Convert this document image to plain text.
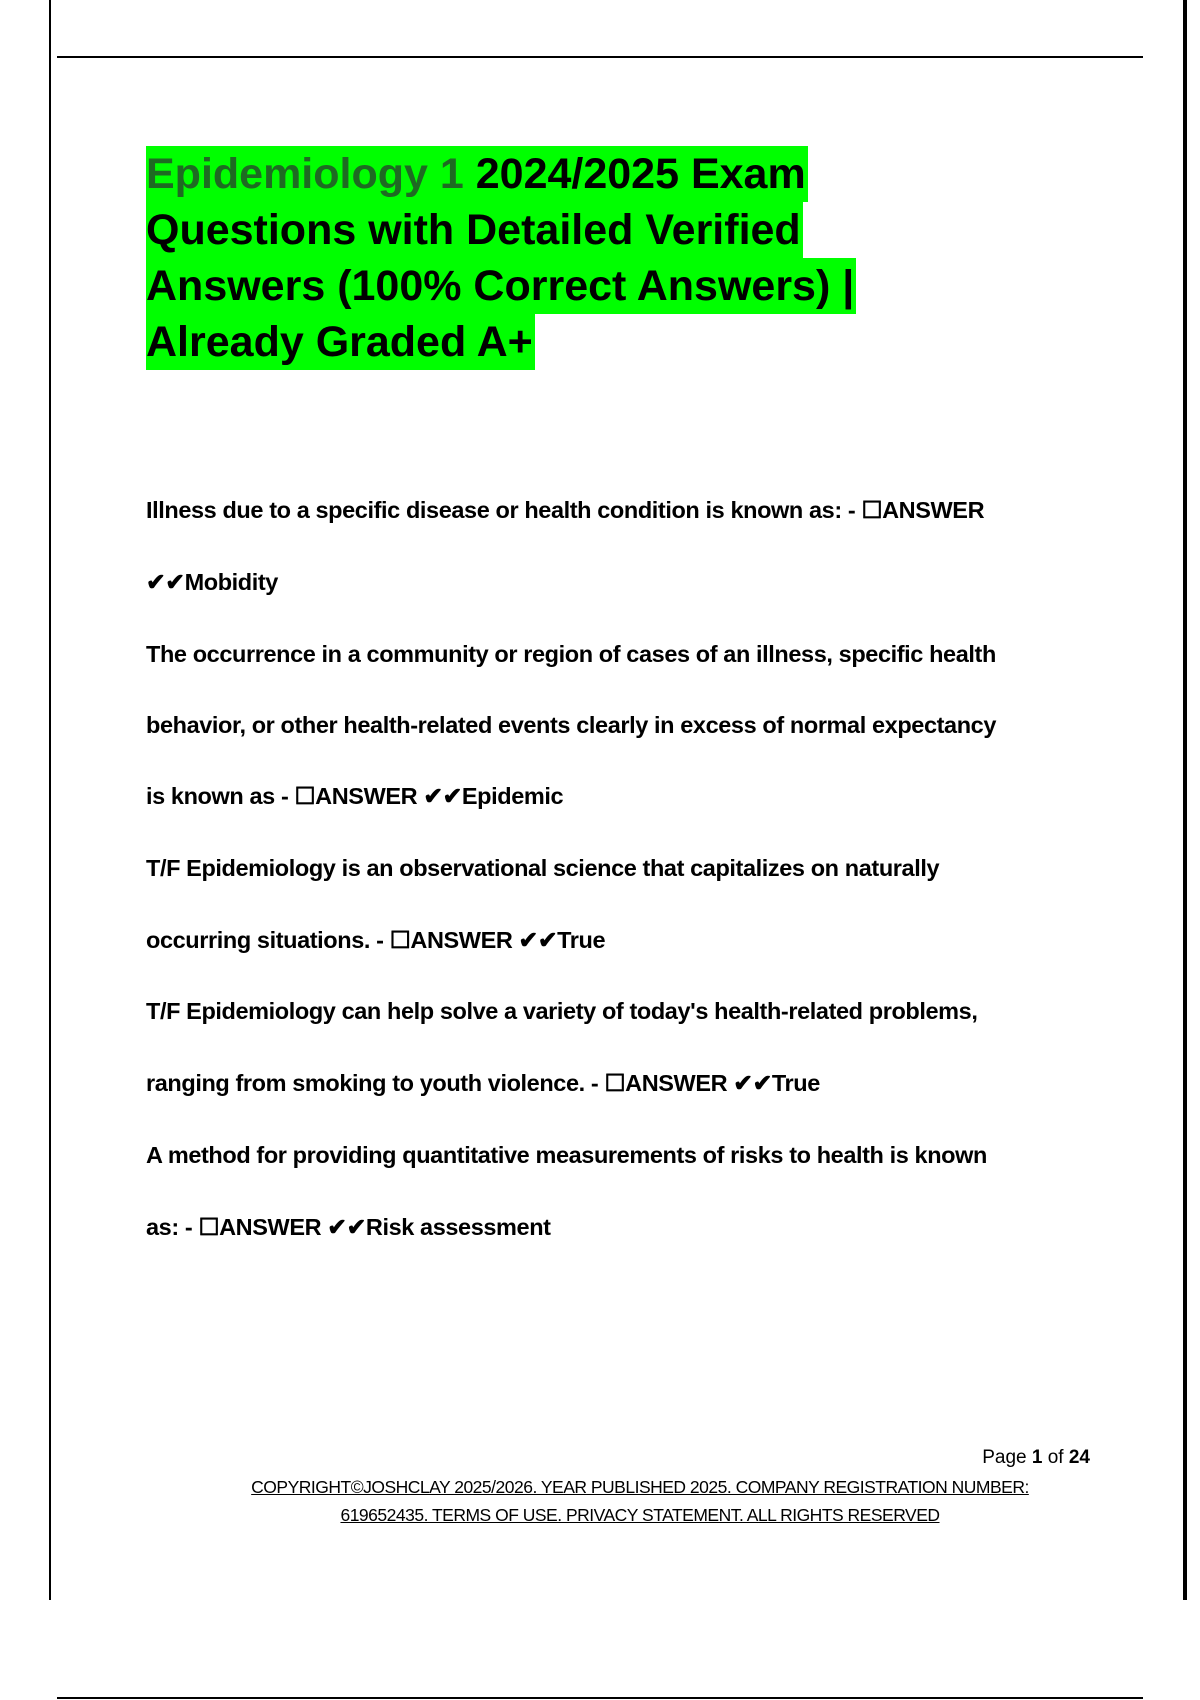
Epidemiology 1 2024/2025 Exam
Questions with Detailed Verified
Answers (100% Correct Answers) |
Already Graded A+
Illness due to a specific disease or health condition is known as: - ☐ANSWER
✔✔Mobidity
The occurrence in a community or region of cases of an illness, specific health
behavior, or other health-related events clearly in excess of normal expectancy
is known as - ☐ANSWER ✔✔Epidemic
T/F Epidemiology is an observational science that capitalizes on naturally
occurring situations. - ☐ANSWER ✔✔True
T/F Epidemiology can help solve a variety of today's health-related problems,
ranging from smoking to youth violence. - ☐ANSWER ✔✔True
A method for providing quantitative measurements of risks to health is known
as: - ☐ANSWER ✔✔Risk assessment
Page 1 of 24
COPYRIGHT©JOSHCLAY 2025/2026. YEAR PUBLISHED 2025. COMPANY REGISTRATION NUMBER:
619652435. TERMS OF USE. PRIVACY STATEMENT. ALL RIGHTS RESERVED
